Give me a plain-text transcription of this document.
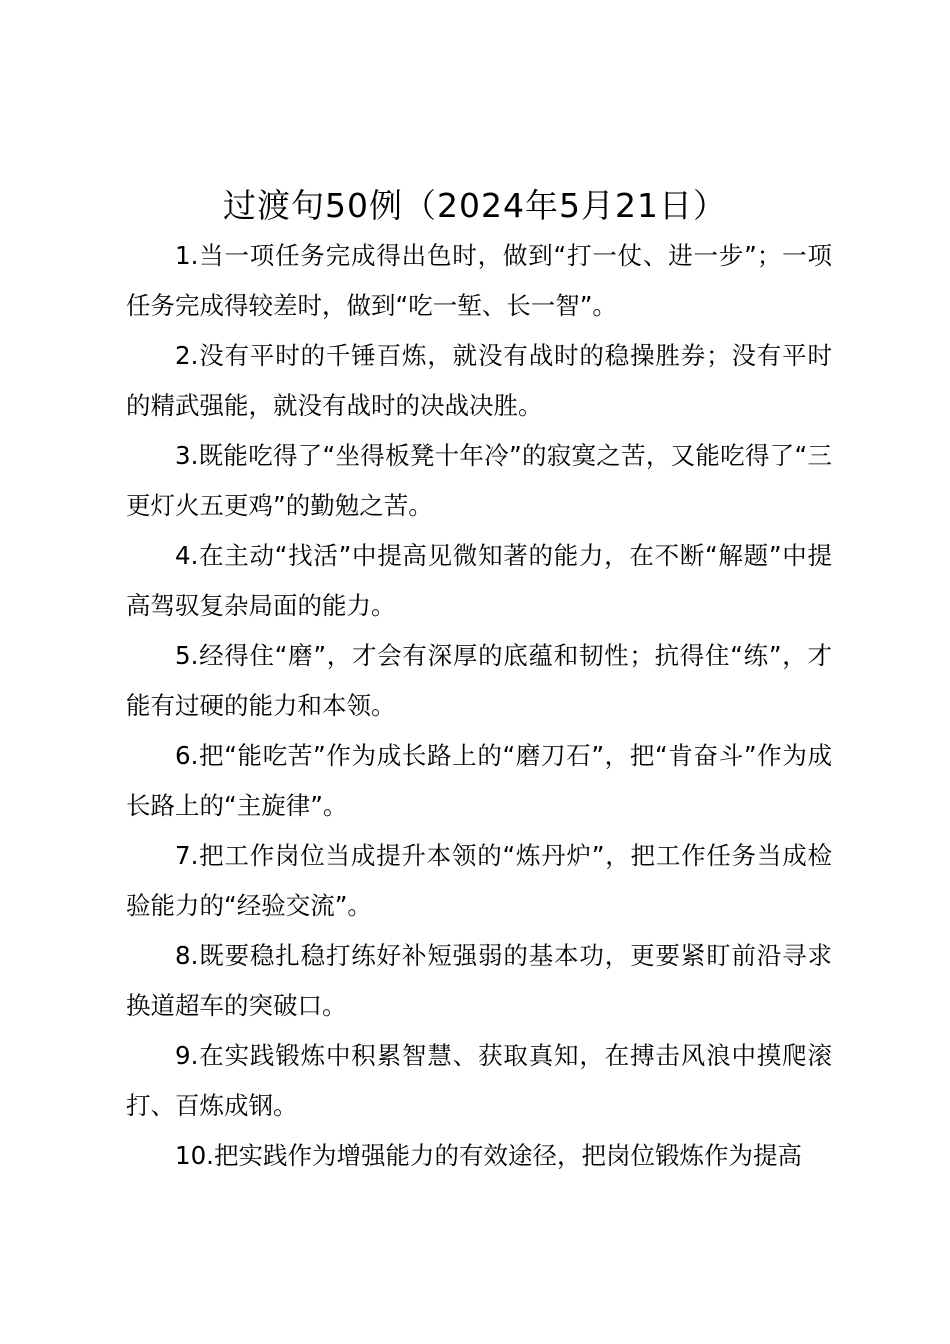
过渡句50例（2024年5月21日）

1.当一项任务完成得出色时，做到“打一仗、进一步”；一项任务完成得较差时，做到“吃一堑、长一智”。

2.没有平时的千锤百炼，就没有战时的稳操胜券；没有平时的精武强能，就没有战时的决战决胜。

3.既能吃得了“坐得板凳十年冷”的寂寞之苦，又能吃得了“三更灯火五更鸡”的勤勉之苦。

4.在主动“找活”中提高见微知著的能力，在不断“解题”中提高驾驭复杂局面的能力。

5.经得住“磨”，才会有深厚的底蕴和韧性；抗得住“练”，才能有过硬的能力和本领。

6.把“能吃苦”作为成长路上的“磨刀石”，把“肯奋斗”作为成长路上的“主旋律”。

7.把工作岗位当成提升本领的“炼丹炉”，把工作任务当成检验能力的“经验交流”。

8.既要稳扎稳打练好补短强弱的基本功，更要紧盯前沿寻求换道超车的突破口。

9.在实践锻炼中积累智慧、获取真知，在搏击风浪中摸爬滚打、百炼成钢。

10.把实践作为增强能力的有效途径，把岗位锻炼作为提高
